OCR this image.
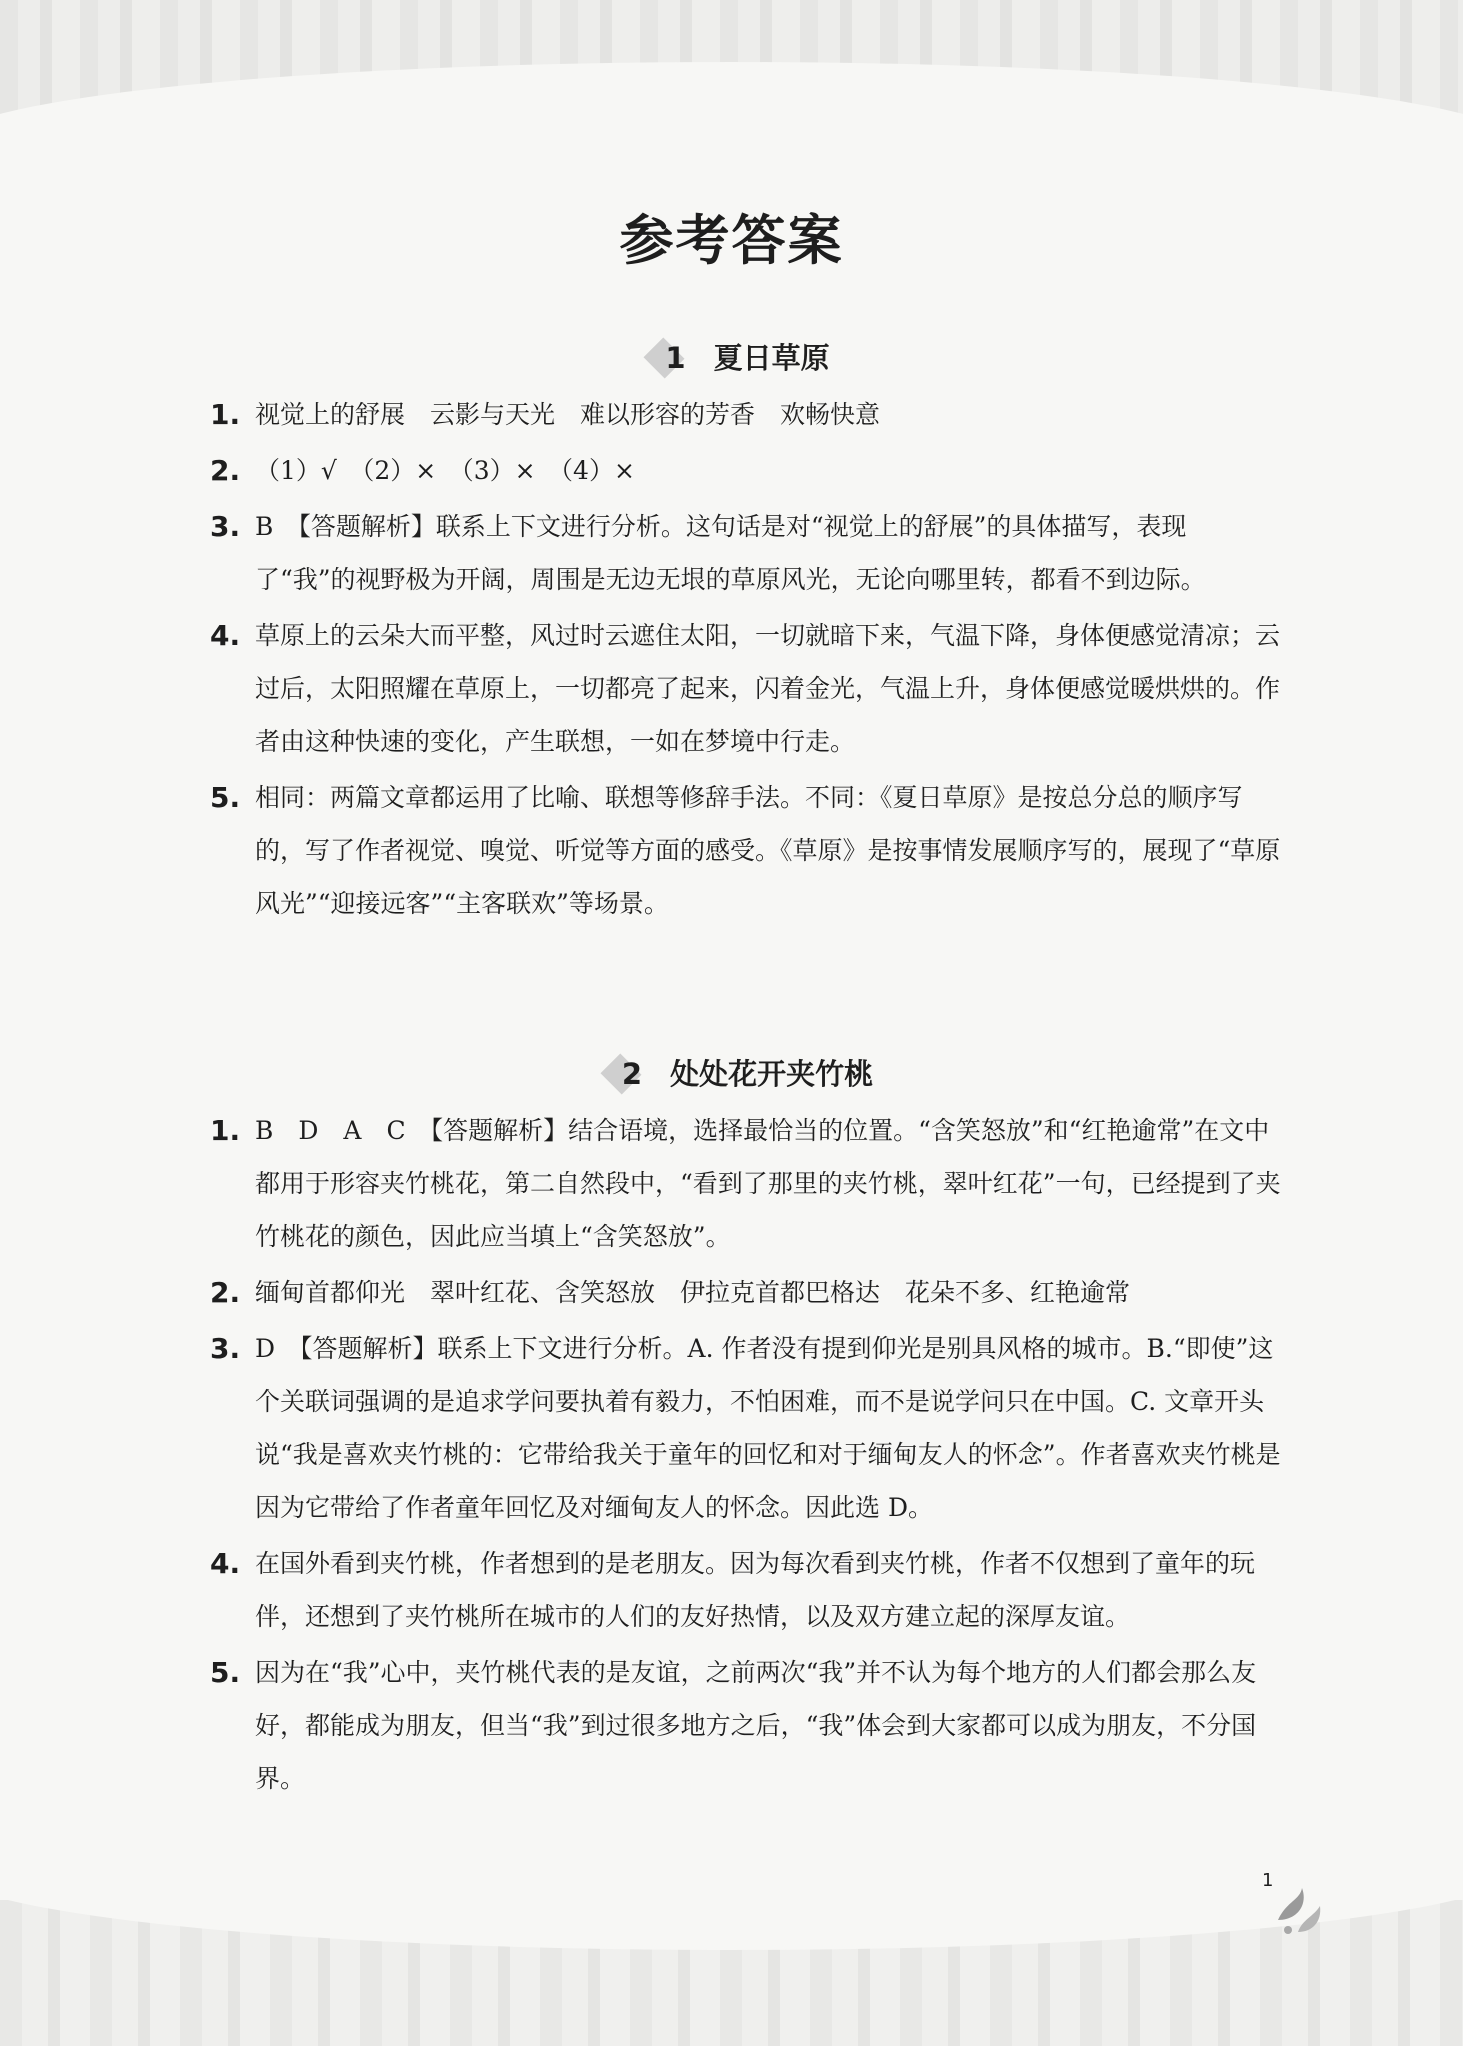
参考答案
1 夏日草原
1. 视觉上的舒展　云影与天光　难以形容的芳香　欢畅快意
2. （1）√　（2）×　（3）×　（4）×
3. B　【答题解析】联系上下文进行分析。这句话是对“视觉上的舒展”的具体描写，表现了“我”的视野极为开阔，周围是无边无垠的草原风光，无论向哪里转，都看不到边际。
4. 草原上的云朵大而平整，风过时云遮住太阳，一切就暗下来，气温下降，身体便感觉清凉；云过后，太阳照耀在草原上，一切都亮了起来，闪着金光，气温上升，身体便感觉暖烘烘的。作者由这种快速的变化，产生联想，一如在梦境中行走。
5. 相同：两篇文章都运用了比喻、联想等修辞手法。不同：《夏日草原》是按总分总的顺序写的，写了作者视觉、嗅觉、听觉等方面的感受。《草原》是按事情发展顺序写的，展现了“草原风光”“迎接远客”“主客联欢”等场景。
2 处处花开夹竹桃
1. B　D　A　C　【答题解析】结合语境，选择最恰当的位置。“含笑怒放”和“红艳逾常”在文中都用于形容夹竹桃花，第二自然段中，“看到了那里的夹竹桃，翠叶红花”一句，已经提到了夹竹桃花的颜色，因此应当填上“含笑怒放”。
2. 缅甸首都仰光　翠叶红花、含笑怒放　伊拉克首都巴格达　花朵不多、红艳逾常
3. D　【答题解析】联系上下文进行分析。A. 作者没有提到仰光是别具风格的城市。B.“即使”这个关联词强调的是追求学问要执着有毅力，不怕困难，而不是说学问只在中国。C. 文章开头说“我是喜欢夹竹桃的：它带给我关于童年的回忆和对于缅甸友人的怀念”。作者喜欢夹竹桃是因为它带给了作者童年回忆及对缅甸友人的怀念。因此选 D。
4. 在国外看到夹竹桃，作者想到的是老朋友。因为每次看到夹竹桃，作者不仅想到了童年的玩伴，还想到了夹竹桃所在城市的人们的友好热情，以及双方建立起的深厚友谊。
5. 因为在“我”心中，夹竹桃代表的是友谊，之前两次“我”并不认为每个地方的人们都会那么友好，都能成为朋友，但当“我”到过很多地方之后，“我”体会到大家都可以成为朋友，不分国界。
1
